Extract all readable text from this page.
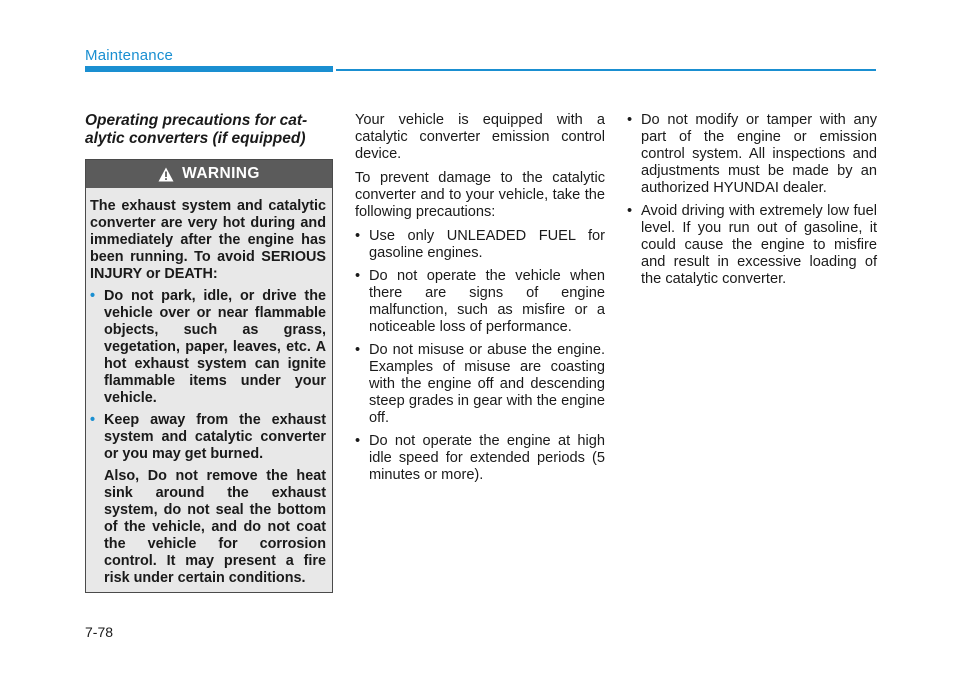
Maintenance
Operating precautions for cat-
alytic converters (if equipped)
WARNING

The exhaust system and catalytic converter are very hot during and immediately after the engine has been running. To avoid SERIOUS INJURY or DEATH:

• Do not park, idle, or drive the vehicle over or near flammable objects, such as grass, vegetation, paper, leaves, etc. A hot exhaust system can ignite flammable items under your vehicle.
• Keep away from the exhaust system and catalytic converter or you may get burned.

Also, Do not remove the heat sink around the exhaust system, do not seal the bottom of the vehicle, and do not coat the vehicle for corrosion control. It may present a fire risk under certain conditions.

Your vehicle is equipped with a catalytic converter emission control device.

To prevent damage to the catalytic converter and to your vehicle, take the following precautions:

• Use only UNLEADED FUEL for gasoline engines.
• Do not operate the vehicle when there are signs of engine malfunction, such as misfire or a noticeable loss of performance.
• Do not misuse or abuse the engine. Examples of misuse are coasting with the engine off and descending steep grades in gear with the engine off.
• Do not operate the engine at high idle speed for extended periods (5 minutes or more).
• Do not modify or tamper with any part of the engine or emission control system. All inspections and adjustments must be made by an authorized HYUNDAI dealer.
• Avoid driving with extremely low fuel level. If you run out of gasoline, it could cause the engine to misfire and result in excessive loading of the catalytic converter.
7-78
